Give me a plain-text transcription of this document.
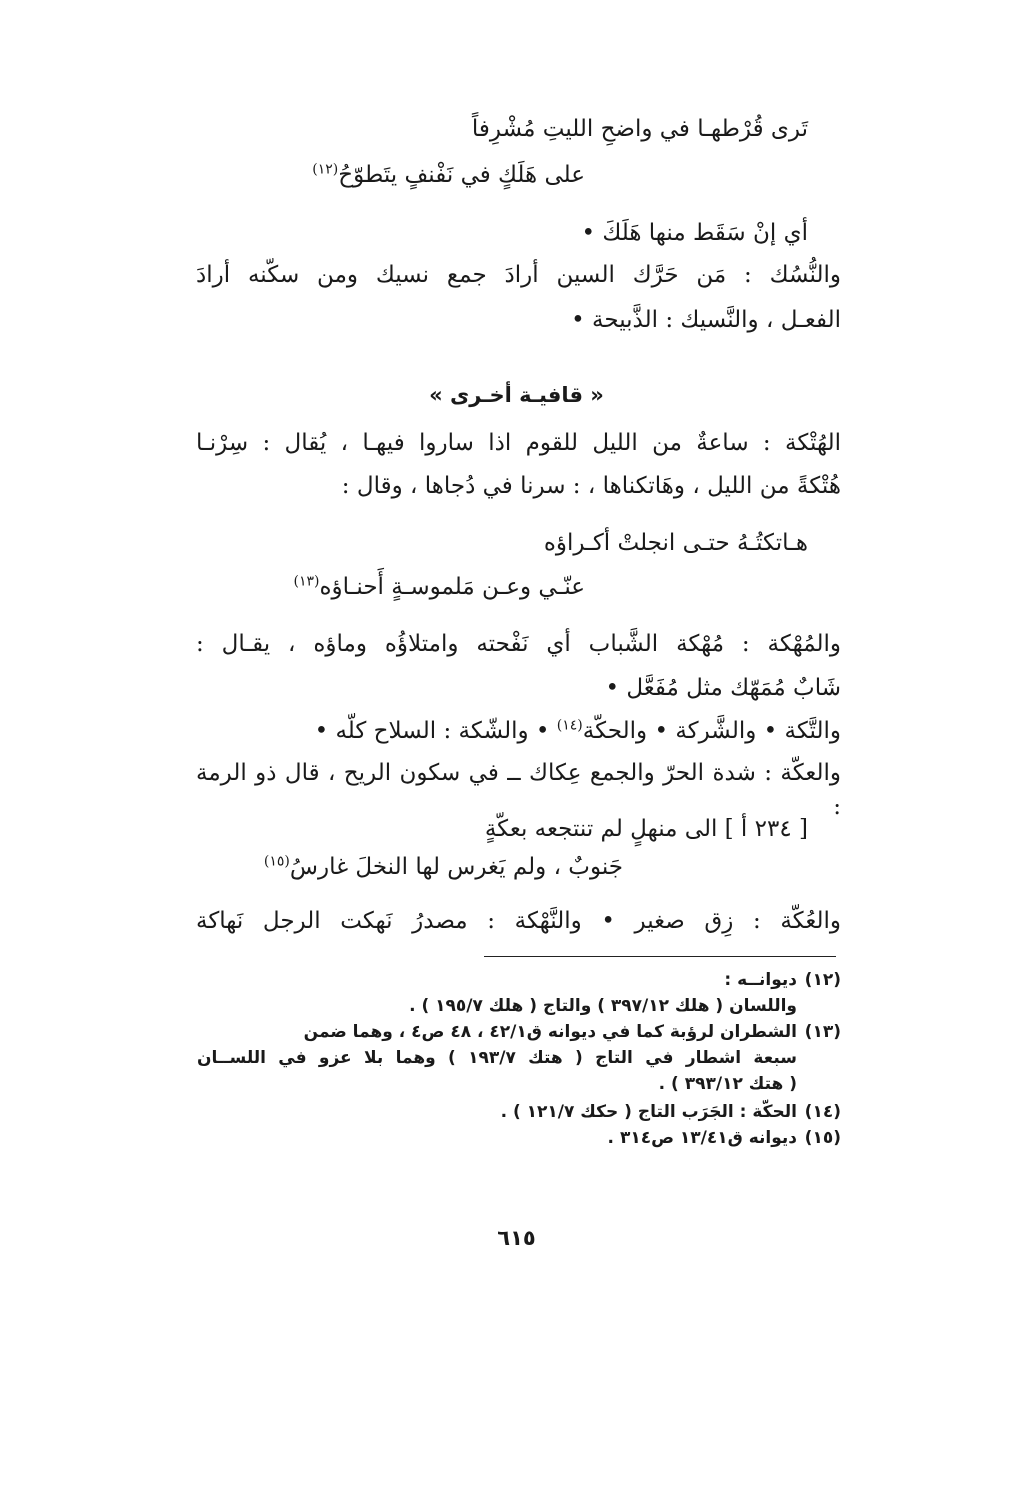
تَرى قُرْطهـا في واضحِ الليتِ مُشْرِفاً
على هَلَكٍ في نَفْنفٍ يتَطوّحُ$^{(١٢)}$
أي إنْ سَقَط منها هَلَكَ •
والنُّسُك : مَن حَرَّك السين أرادَ جمع نسيك ومن سكّنه أرادَ
الفعـل ، والنَّسيك : الذَّبيحة •
« قافيـة أخـرى »
الهُتْكة : ساعةٌ من الليل للقوم اذا ساروا فيهـا ، يُقال : سِرْنـا
هُتْكةً من الليل ، وهَاتكناها ، : سرنا في دُجاها ، وقال :
هـاتكتُـهُ حتـى انجلتْ أكـراؤه
عنّـي وعـن مَلموسـةٍ أَحنـاؤه$^{(١٣)}$
والمُهْكة : مُهْكة الشَّباب أي نَفْحته وامتلاؤُه وماؤه ، يقـال :
شَابٌ مُمَهّك مثل مُفَعَّل •
والتَّكة • والشَّركة • والحكّة$^{(١٤)}$ • والشّكة : السلاح كلّه •
والعكّة : شدة الحرّ والجمع عِكاك ــ في سكون الريح ، قال ذو الرمة :
[ ٢٣٤ أ ] الى منهلٍ لم تنتجعه بعكّةٍ
جَنوبٌ ، ولم يَغرس لها النخلَ غارسُ$^{(١٥)}$
والعُكّة : زِق صغير • والنَّهْكة : مصدرُ نَهكت الرجل نَهاكة
(١٢)ديوانــه :
واللسان ( هلك ٣٩٧/١٢ ) والتاج ( هلك ١٩٥/٧ ) .
(١٣)الشطران لرؤبة كما في ديوانه ق٤٢/١ ، ٤٨ ص٤ ، وهما ضمن
سبعة اشطار في التاج ( هتك ١٩٣/٧ ) وهما بلا عزو في اللســان
( هتك ٣٩٣/١٢ ) .
(١٤)الحكّة : الجَرَب التاج ( حكك ١٢١/٧ ) .
(١٥)ديوانه ق١٣/٤١ ص٣١٤ .
٦١٥
